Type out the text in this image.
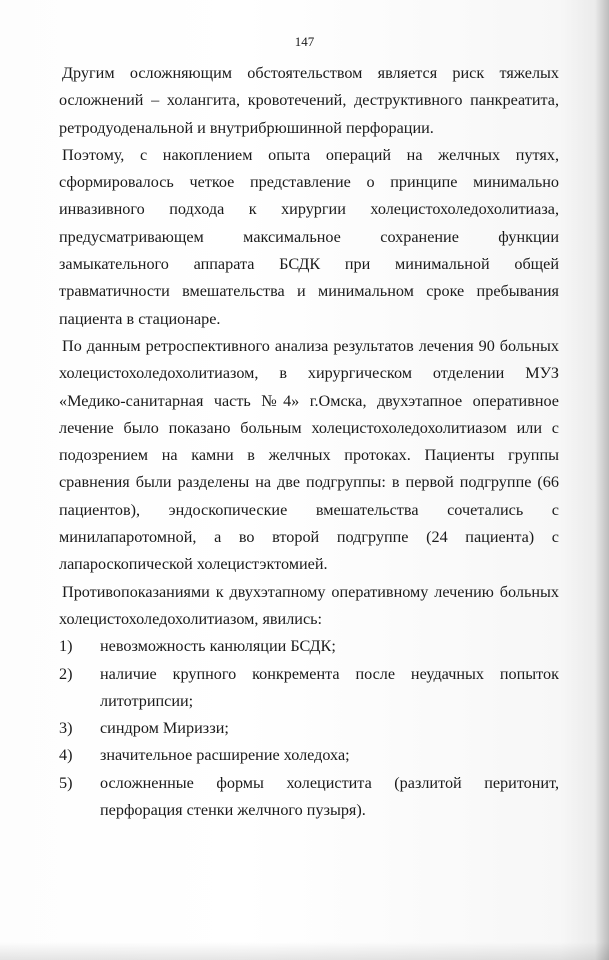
147

Другим осложняющим обстоятельством является риск тяжелых осложнений – холангита, кровотечений, деструктивного панкреатита, ретродуоденальной и внутрибрюшинной перфорации.

Поэтому, с накоплением опыта операций на желчных путях, сформировалось четкое представление о принципе минимально инвазивного подхода к хирургии холецистохоледохолитиаза, предусматривающем максимальное сохранение функции замыкательного аппарата БСДК при минимальной общей травматичности вмешательства и минимальном сроке пребывания пациента в стационаре.

По данным ретроспективного анализа результатов лечения 90 больных холецистохоледохолитиазом, в хирургическом отделении МУЗ «Медико-санитарная часть №4» г.Омска, двухэтапное оперативное лечение было показано больным холецистохоледохолитиазом или с подозрением на камни в желчных протоках. Пациенты группы сравнения были разделены на две подгруппы: в первой подгруппе (66 пациентов), эндоскопические вмешательства сочетались с минилапаротомной, а во второй подгруппе (24 пациента) с лапароскопической холецистэктомией.

Противопоказаниями к двухэтапному оперативному лечению больных холецистохоледохолитиазом, явились:

1)	невозможность канюляции БСДК;
2)	наличие крупного конкремента после неудачных попыток литотрипсии;
3)	синдром Мириззи;
4)	значительное расширение холедоха;
5)	осложненные формы холецистита (разлитой перитонит, перфорация стенки желчного пузыря).
